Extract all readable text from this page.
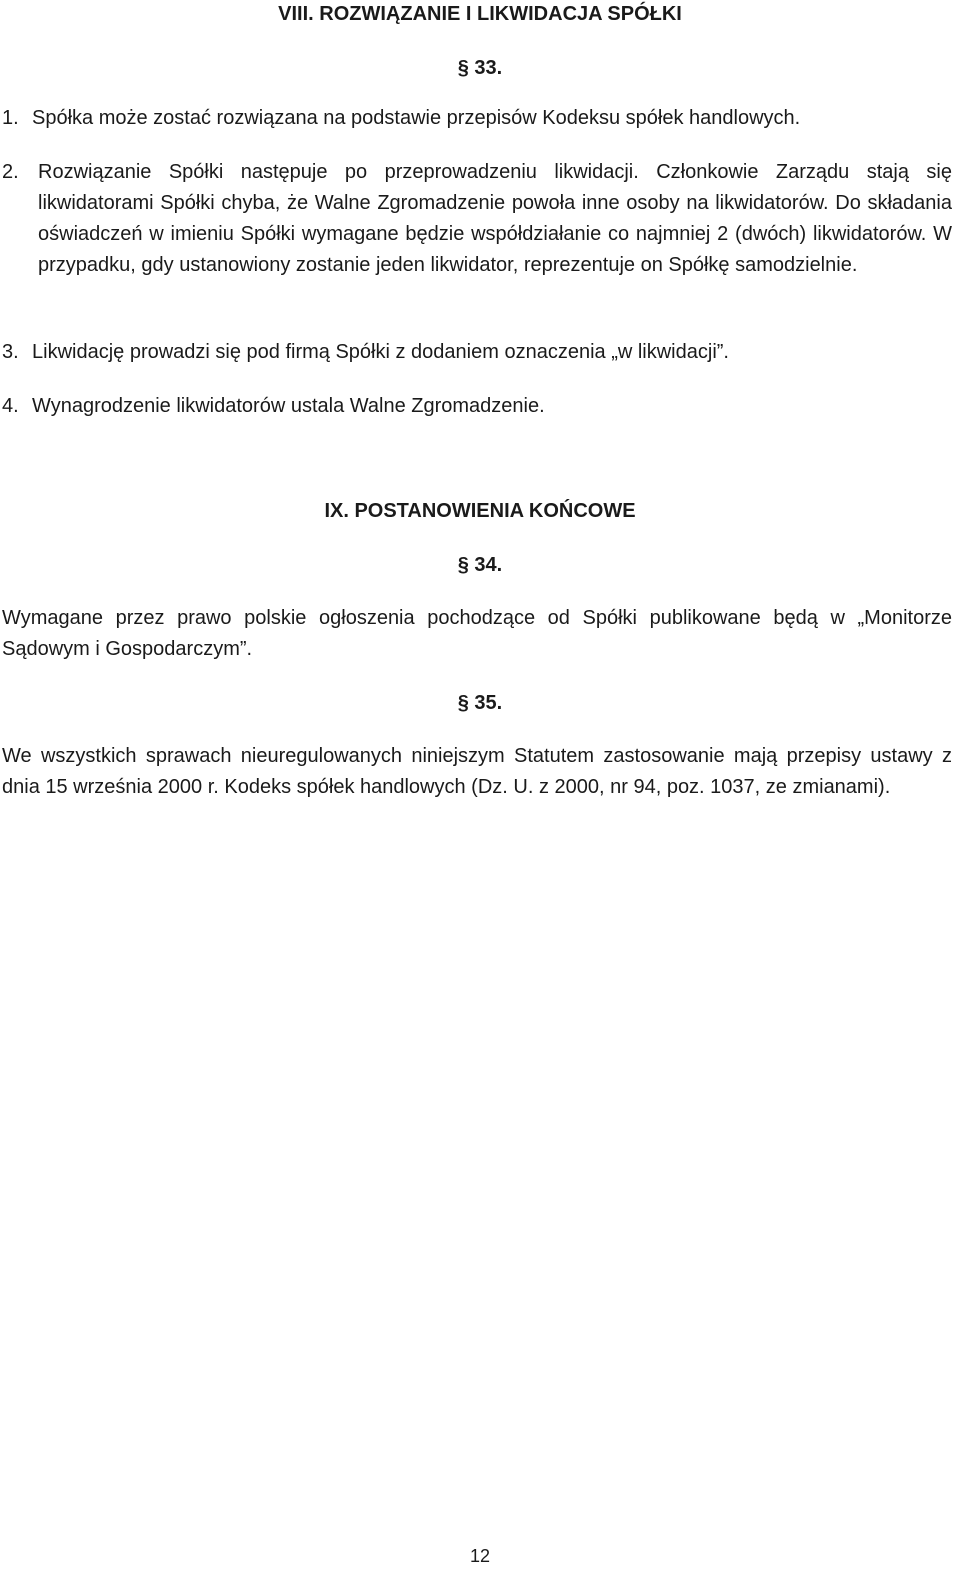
VIII. ROZWIĄZANIE I LIKWIDACJA SPÓŁKI
§ 33.

1. Spółka może zostać rozwiązana na podstawie przepisów Kodeksu spółek handlowych.

2. Rozwiązanie Spółki następuje po przeprowadzeniu likwidacji. Członkowie Zarządu stają się likwidatorami Spółki chyba, że Walne Zgromadzenie powoła inne osoby na likwidatorów. Do składania oświadczeń w imieniu Spółki wymagane będzie współdziałanie co najmniej 2 (dwóch) likwidatorów. W przypadku, gdy ustanowiony zostanie jeden likwidator, reprezentuje on Spółkę samodzielnie.

3. Likwidację prowadzi się pod firmą Spółki z dodaniem oznaczenia „w likwidacji”.

4. Wynagrodzenie likwidatorów ustala Walne Zgromadzenie.

IX. POSTANOWIENIA KOŃCOWE
§ 34.

Wymagane przez prawo polskie ogłoszenia pochodzące od Spółki publikowane będą w „Monitorze Sądowym i Gospodarczym”.

§ 35.

We wszystkich sprawach nieuregulowanych niniejszym Statutem zastosowanie mają przepisy ustawy z dnia 15 września 2000 r. Kodeks spółek handlowych (Dz. U. z 2000, nr 94, poz. 1037, ze zmianami).

12
